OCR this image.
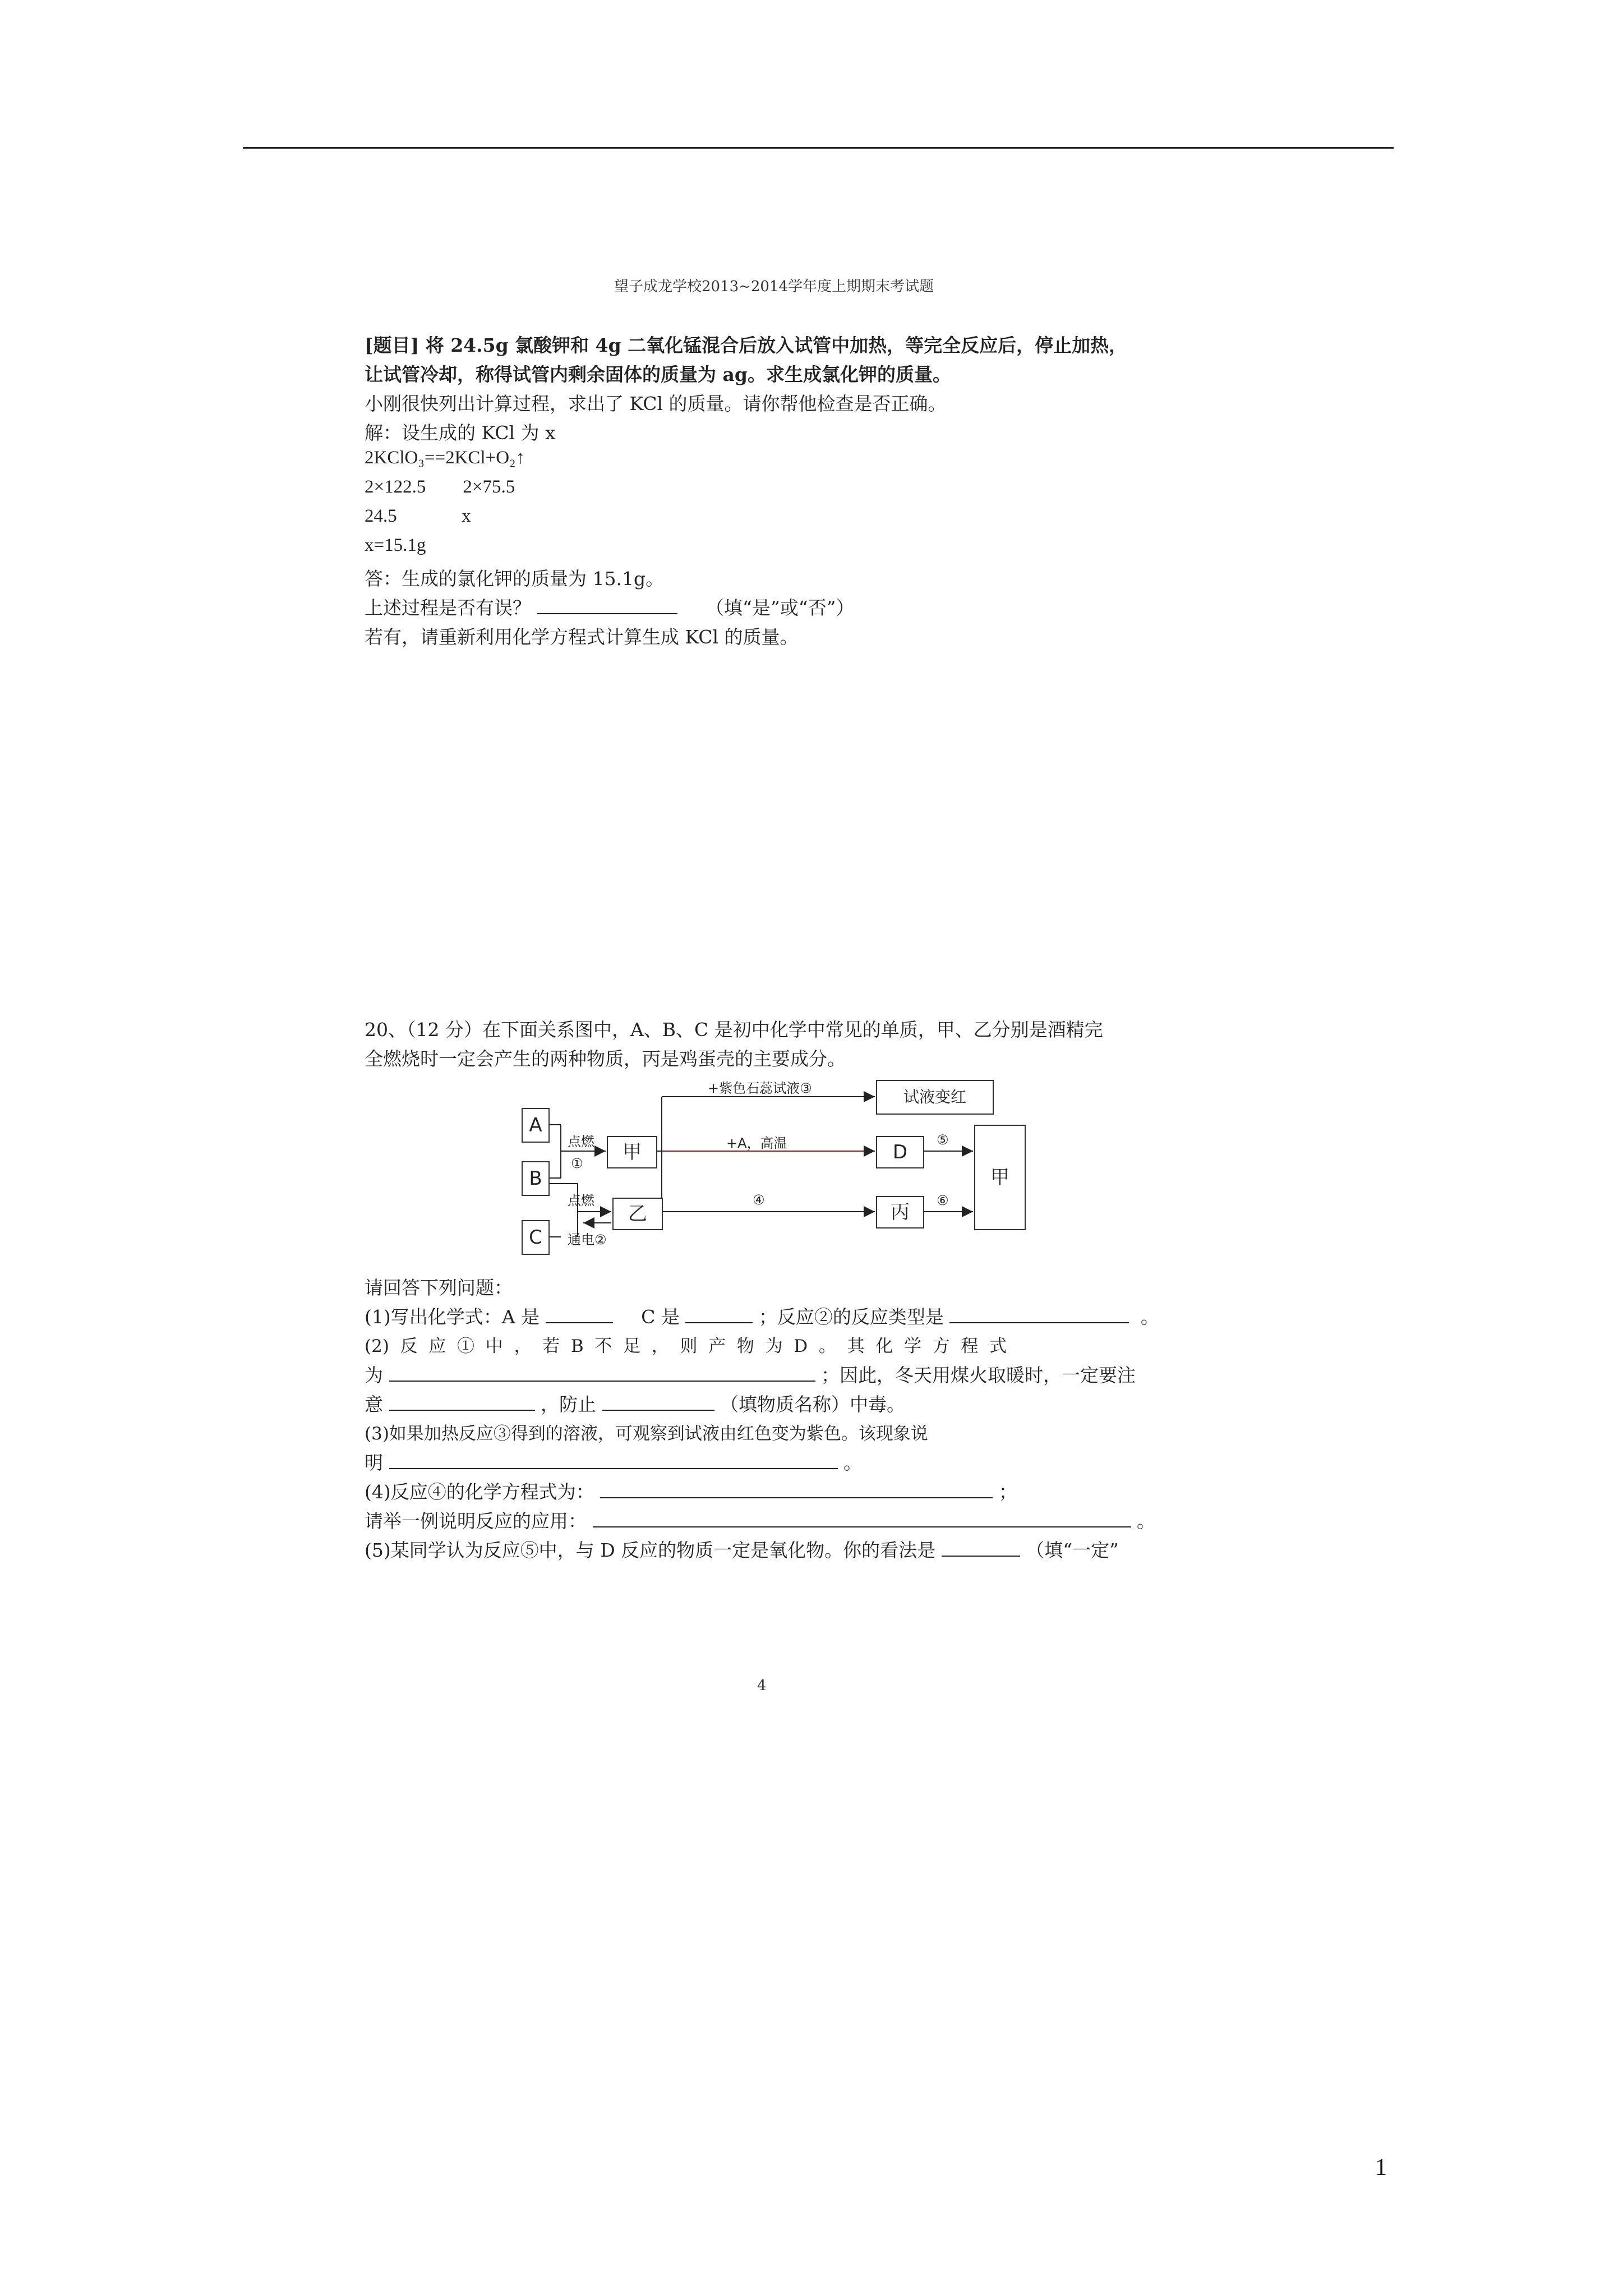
望子成龙学校2013~2014学年度上期期末考试题
[题目] 将 24.5g 氯酸钾和 4g 二氧化锰混合后放入试管中加热，等完全反应后，停止加热，
让试管冷却，称得试管内剩余固体的质量为 ag。求生成氯化钾的质量。
小刚很快列出计算过程，求出了 KCl 的质量。请你帮他检查是否正确。
解：设生成的 KCl 为 x
2KClO₃==2KCl+O₂↑
2×122.5        2×75.5
24.5              x
x=15.1g
答：生成的氯化钾的质量为 15.1g。
上述过程是否有误？	（填“是”或“否”）
若有，请重新利用化学方程式计算生成 KCl 的质量。
20、（12 分）在下面关系图中，A、B、C 是初中化学中常见的单质，甲、乙分别是酒精完
全燃烧时一定会产生的两种物质，丙是鸡蛋壳的主要成分。
A
B
C
甲
乙
试液变红
D
丙
甲
点燃
①
点燃
通电②
+紫色石蕊试液③
+A，高温
④
⑤
⑥
请回答下列问题：
(1)写出化学式：A 是	C 是	；反应②的反应类型是	。
(2)  反  应  ①  中  ，  若  B  不  足  ，  则  产  物  为  D  。  其  化  学  方  程  式
为	；因此，冬天用煤火取暖时，一定要注
意	，防止	（填物质名称）中毒。
(3)如果加热反应③得到的溶液，可观察到试液由红色变为紫色。该现象说
明	。
(4)反应④的化学方程式为：	；
请举一例说明反应的应用：	。
(5)某同学认为反应⑤中，与 D 反应的物质一定是氧化物。你的看法是	（填“一定”
4
1
